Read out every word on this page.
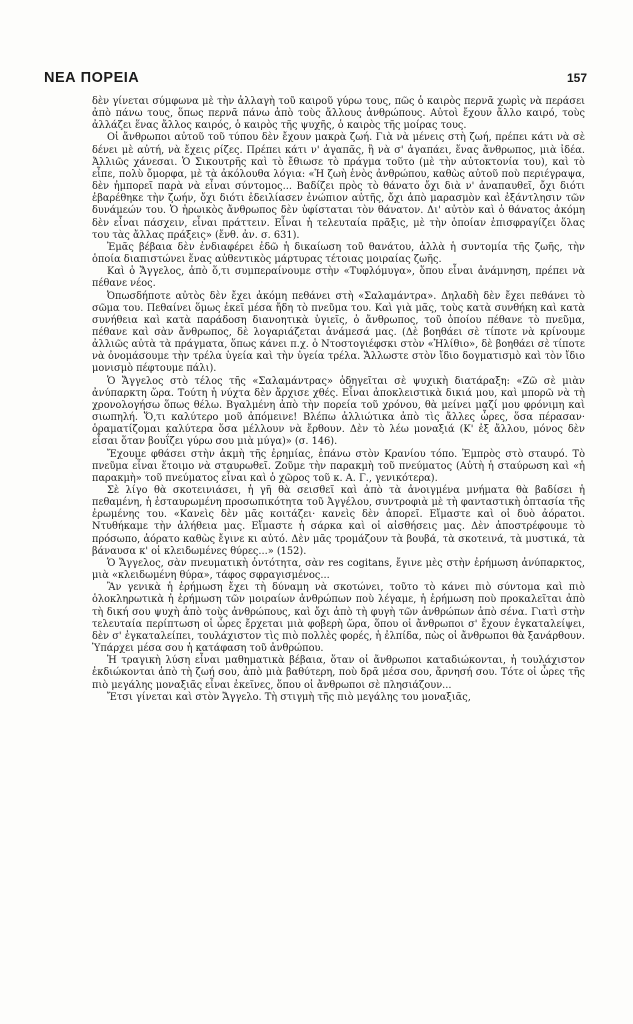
ΝΕΑ ΠΟΡΕΙΑ	157

δὲν γίνεται σύμφωνα μὲ τὴν ἀλλαγὴ τοῦ καιροῦ γύρω τους, πῶς ὁ καιρὸς περνᾶ χωρὶς νὰ περάσει ἀπὸ πάνω τους, ὅπως περνᾶ πάνω ἀπὸ τοὺς ἄλλους ἀνθρώπους. Αὐτοὶ ἔχουν ἄλλο καιρό, τοὺς ἀλλάζει ἕνας ἄλλος καιρός, ὁ καιρὸς τῆς ψυχῆς, ὁ καιρὸς τῆς μοίρας τους.

Οἱ ἄνθρωποι αὐτοῦ τοῦ τύπου δὲν ἔχουν μακρὰ ζωή. Γιὰ νὰ μένεις στὴ ζωή, πρέπει κάτι νὰ σὲ δένει μὲ αὐτή, νὰ ἔχεις ρίζες. Πρέπει κάτι ν' ἀγαπᾶς, ἢ νὰ σ' ἀγαπάει, ἕνας ἄνθρωπος, μιὰ ἰδέα. Ἀλλιῶς χάνεσαι. Ὁ Σικουτρῆς καὶ τὸ ἔθιωσε τὸ πράγμα τοῦτο (μὲ τὴν αὐτοκτονία του), καὶ τὸ εἶπε, πολὺ ὄμορφα, μὲ τὰ ἀκόλουθα λόγια: «Ἡ ζωὴ ἑνὸς ἀνθρώπου, καθὼς αὐτοῦ ποὺ περιέγραψα, δὲν ἠμπορεῖ παρὰ νὰ εἶναι σύντομος... Βαδίζει πρὸς τὸ θάνατο ὄχι διὰ ν' ἀναπαυθεῖ, ὄχι διότι ἐβαρέθηκε τὴν ζωήν, ὄχι διότι ἐδειλίασεν ἐνώπιον αὐτῆς, ὄχι ἀπὸ μαρασμὸν καὶ ἐξάντλησιν τῶν δυνάμεών του. Ὁ ἡρωικὸς ἄνθρωπος δὲν ὑφίσταται τὸν θάνατον. Δι' αὐτὸν καὶ ὁ θάνατος ἀκόμη δὲν εἶναι πάσχειν, εἶναι πράττειν. Εἶναι ἡ τελευταία πρᾶξις, μὲ τὴν ὁποίαν ἐπισφραγίζει ὅλας του τὰς ἄλλας πράξεις» (ἔνθ. ἀν. σ. 631).

Ἐμᾶς βέβαια δὲν ἐνδιαφέρει ἐδῶ ἡ δικαίωση τοῦ θανάτου, ἀλλὰ ἡ συντομία τῆς ζωῆς, τὴν ὁποία διαπιστώνει ἕνας αὐθεντικὸς μάρτυρας τέτοιας μοιραίας ζωῆς.

Καὶ ὁ Ἄγγελος, ἀπὸ ὅ,τι συμπεραίνουμε στὴν «Τυφλόμυγα», ὅπου εἶναι ἀνάμνηση, πρέπει νὰ πέθανε νέος.

Ὀπωσδήποτε αὐτὸς δὲν ἔχει ἀκόμη πεθάνει στὴ «Σαλαμάντρα». Δηλαδὴ δὲν ἔχει πεθάνει τὸ σῶμα του. Πεθαίνει ὅμως ἐκεῖ μέσα ἤδη τὸ πνεῦμα του. Καὶ γιὰ μᾶς, τοὺς κατὰ συνθήκη καὶ κατὰ συνήθεια καὶ κατὰ παράδοση διανοητικὰ ὑγιεῖς, ὁ ἄνθρωπος, τοῦ ὁποίου πέθανε τὸ πνεῦμα, πέθανε καὶ σὰν ἄνθρωπος, δὲ λογαριάζεται ἀνάμεσά μας. (Δὲ βοηθάει σὲ τίποτε νὰ κρίνουμε ἀλλιῶς αὐτὰ τὰ πράγματα, ὅπως κάνει π.χ. ὁ Ντοστογιέφσκι στὸν «Ἠλίθιο», δὲ βοηθάει σὲ τίποτε νὰ ὀνομάσουμε τὴν τρέλα ὑγεία καὶ τὴν ὑγεία τρέλα. Ἄλλωστε στὸν ἴδιο δογματισμὸ καὶ τὸν ἴδιο μονισμὸ πέφτουμε πάλι).

Ὁ Ἄγγελος στὸ τέλος τῆς «Σαλαμάντρας» ὁδηγεῖται σὲ ψυχικὴ διατάραξη: «Ζῶ σὲ μιὰν ἀνύπαρκτη ὥρα. Τούτη ἡ νύχτα δὲν ἄρχισε χθές. Εἶναι ἀποκλειστικὰ δικιά μου, καὶ μπορῶ νὰ τὴ χρονολογήσω ὅπως θέλω. Βγαλμένη ἀπὸ τὴν πορεία τοῦ χρόνου, θὰ μείνει μαζί μου φρόνιμη καὶ σιωπηλή. Ὅ,τι καλύτερο μοῦ ἀπόμεινε! Βλέπω ἀλλιώτικα ἀπὸ τὶς ἄλλες ὧρες, ὅσα πέρασαν· ὁραματίζομαι καλύτερα ὅσα μέλλουν νὰ ἔρθουν. Δὲν τὸ λέω μοναξιά (Κ' ἐξ ἄλλου, μόνος δὲν εἶσαι ὅταν βουΐζει γύρω σου μιὰ μύγα)» (σ. 146).

Ἔχουμε φθάσει στὴν ἀκμὴ τῆς ἐρημίας, ἐπάνω στὸν Κρανίου τόπο. Ἐμπρὸς στὸ σταυρό. Τὸ πνεῦμα εἶναι ἕτοιμο νὰ σταυρωθεῖ. Ζοῦμε τὴν παρακμὴ τοῦ πνεύματος (Αὐτὴ ἡ σταύρωση καὶ «ἡ παρακμὴ» τοῦ πνεύματος εἶναι καὶ ὁ χῶρος τοῦ κ. Α. Γ., γενικότερα).

Σὲ λίγο θὰ σκοτεινιάσει, ἡ γῆ θὰ σεισθεῖ καὶ ἀπὸ τὰ ἀνοιγμένα μνήματα θὰ βαδίσει ἡ πεθαμένη, ἡ ἐσταυρωμένη προσωπικότητα τοῦ Ἀγγέλου, συντροφιὰ μὲ τὴ φανταστικὴ ὀπτασία τῆς ἐρωμένης του. «Κανεὶς δὲν μᾶς κοιτάζει· κανεὶς δὲν ἀπορεῖ. Εἴμαστε καὶ οἱ δυὸ ἀόρατοι. Ντυθήκαμε τὴν ἀλήθεια μας. Εἴμαστε ἡ σάρκα καὶ οἱ αἰσθήσεις μας. Δὲν ἀποστρέφουμε τὸ πρόσωπο, ἀόρατο καθὼς ἔγινε κι αὐτό. Δὲν μᾶς τρομάζουν τὰ βουβά, τὰ σκοτεινά, τὰ μυστικά, τὰ βάναυσα κ' οἱ κλειδωμένες θύρες...» (152).

Ὁ Ἄγγελος, σὰν πνευματικὴ ὀντότητα, σὰν res cogitans, ἔγινε μὲς στὴν ἐρήμωση ἀνύπαρκτος, μιὰ «κλειδωμένη θύρα», τάφος σφραγισμένος...

Ἂν γενικὰ ἡ ἐρήμωση ἔχει τὴ δύναμη νὰ σκοτώνει, τοῦτο τὸ κάνει πιὸ σύντομα καὶ πιὸ ὁλοκληρωτικὰ ἡ ἐρήμωση τῶν μοιραίων ἀνθρώπων ποὺ λέγαμε, ἡ ἐρήμωση ποὺ προκαλεῖται ἀπὸ τὴ δική σου ψυχὴ ἀπὸ τοὺς ἀνθρώπους, καὶ ὄχι ἀπὸ τὴ φυγὴ τῶν ἀνθρώπων ἀπὸ σένα. Γιατὶ στὴν τελευταία περίπτωση οἱ ὧρες ἔρχεται μιὰ φοβερὴ ὥρα, ὅπου οἱ ἄνθρωποι σ' ἔχουν ἐγκαταλείψει, δὲν σ' ἐγκαταλείπει, τουλάχιστον τὶς πιὸ πολλὲς φορές, ἡ ἐλπίδα, πὼς οἱ ἄνθρωποι θὰ ξανάρθουν. Ὑπάρχει μέσα σου ἡ κατάφαση τοῦ ἀνθρώπου.

Ἡ τραγικὴ λύση εἶναι μαθηματικὰ βέβαια, ὅταν οἱ ἄνθρωποι καταδιώκονται, ἡ τουλάχιστον ἐκδιώκονται ἀπὸ τὴ ζωή σου, ἀπὸ μιὰ βαθύτερη, ποὺ δρᾶ μέσα σου, ἄρνησή σου. Τότε οἱ ὧρες τῆς πιὸ μεγάλης μοναξιᾶς εἶναι ἐκεῖνες, ὅπου οἱ ἄνθρωποι σὲ πλησιάζουν...

Ἔτσι γίνεται καὶ στὸν Ἄγγελο. Τὴ στιγμὴ τῆς πιὸ μεγάλης του μοναξιᾶς,
